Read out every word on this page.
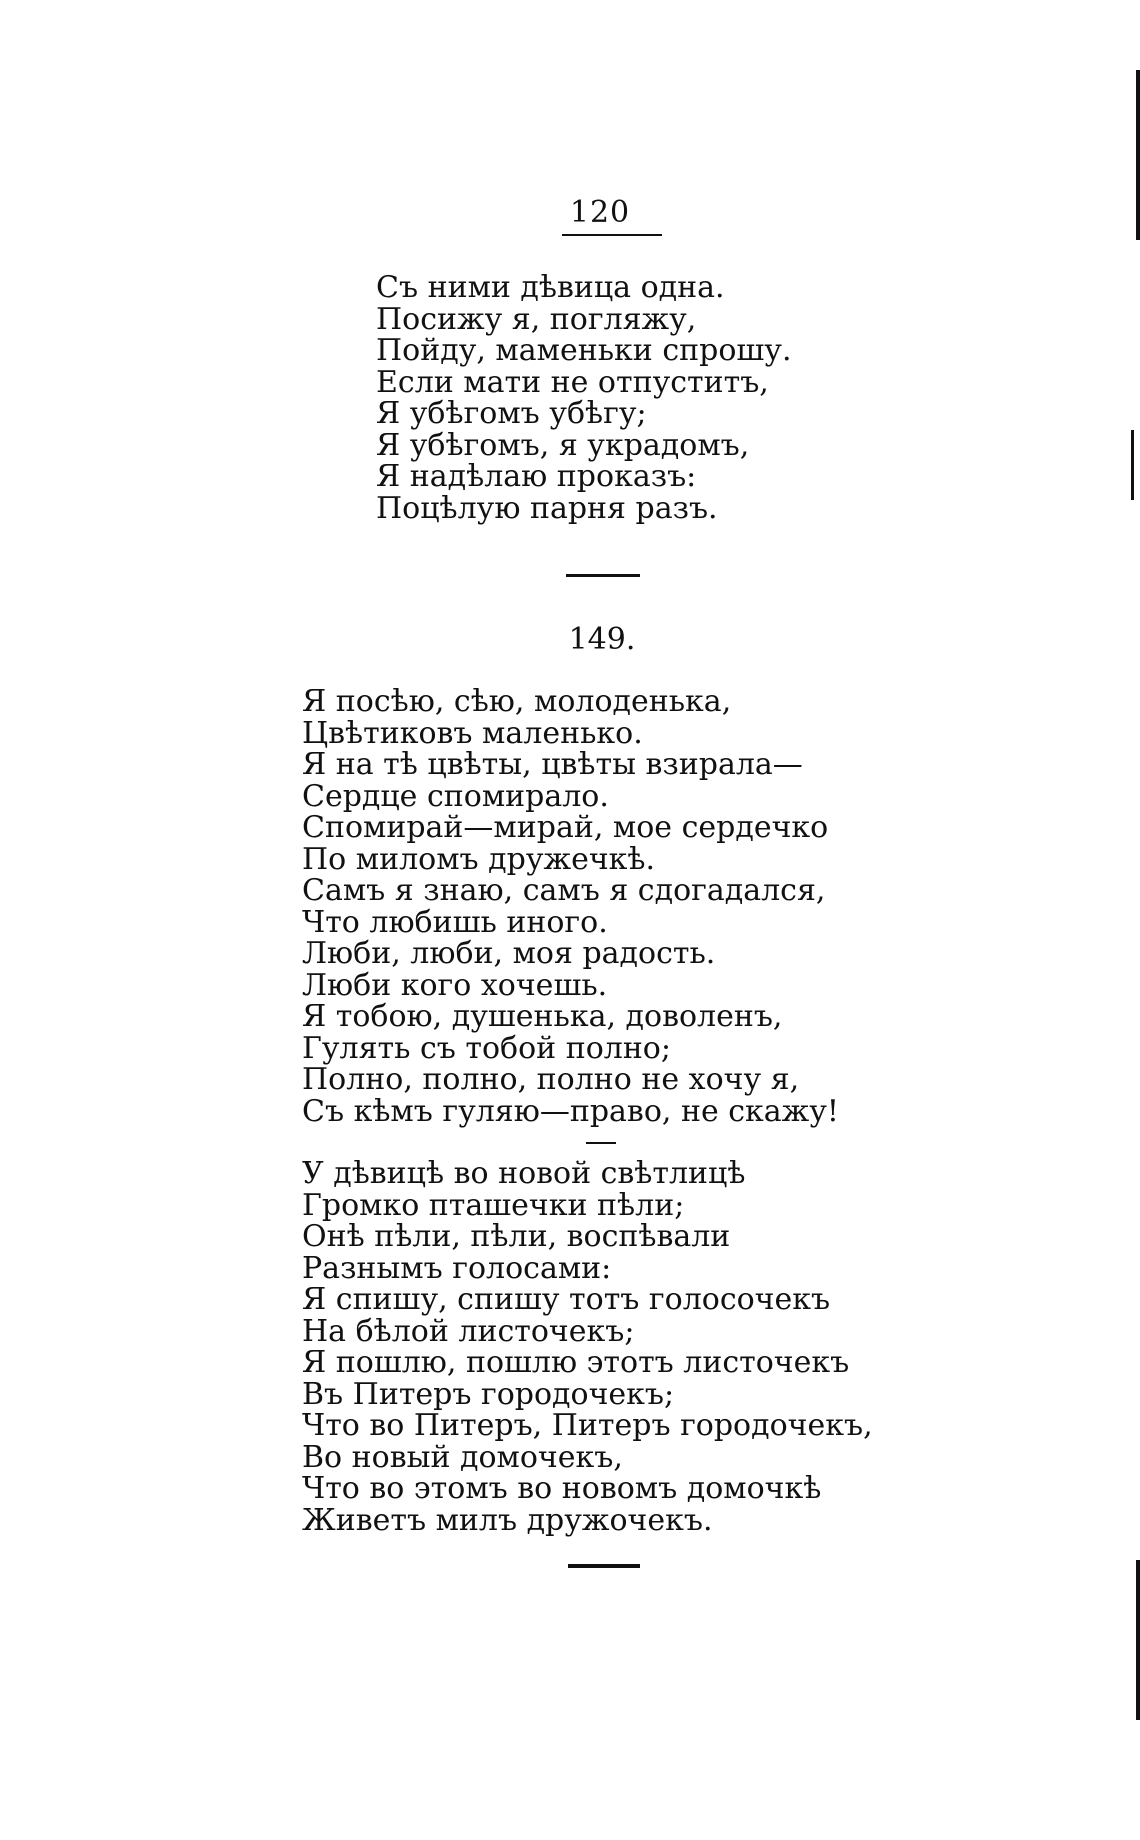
120
Съ ними дѣвица одна.
Посижу я, погляжу,
Пойду, маменьки спрошу.
Если мати не отпуститъ,
Я убѣгомъ убѣгу;
Я убѣгомъ, я украдомъ,
Я надѣлаю проказъ:
Поцѣлую парня разъ.
149.
Я посѣю, сѣю, молоденька,
Цвѣтиковъ маленько.
Я на тѣ цвѣты, цвѣты взирала—
Сердце спомирало.
Спомирай—мирай, мое сердечко
По миломъ дружечкѣ.
Самъ я знаю, самъ я сдогадался,
Что любишь иного.
Люби, люби, моя радость.
Люби кого хочешь.
Я тобою, душенька, доволенъ,
Гулять съ тобой полно;
Полно, полно, полно не хочу я,
Съ кѣмъ гуляю—право, не скажу!
У дѣвицѣ во новой свѣтлицѣ
Громко пташечки пѣли;
Онѣ пѣли, пѣли, воспѣвали
Разнымъ голосами:
Я спишу, спишу тотъ голосочекъ
На бѣлой листочекъ;
Я пошлю, пошлю этотъ листочекъ
Въ Питеръ городочекъ;
Что во Питеръ, Питеръ городочекъ,
Во новый домочекъ,
Что во этомъ во новомъ домочкѣ
Живетъ милъ дружочекъ.
